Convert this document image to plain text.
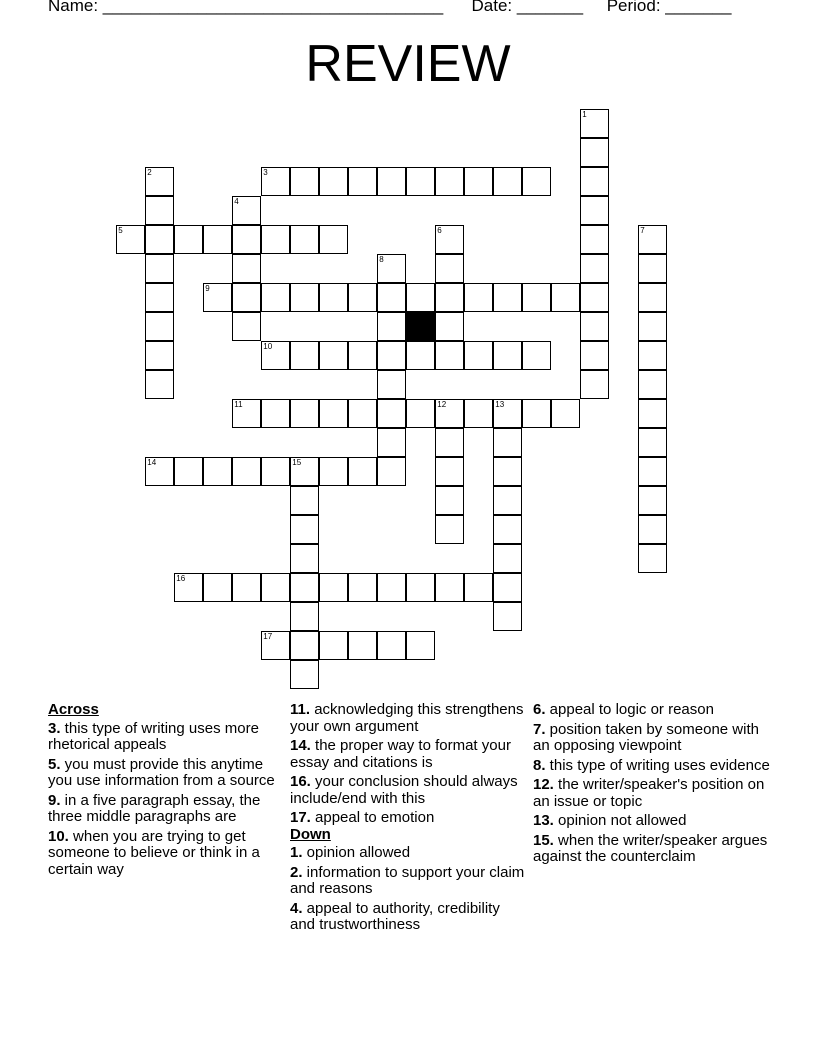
Name: ____________________________________ Date: _______ Period: _______
REVIEW
1
2	3
4
5	6	7
8
9
10
11	12	13
14	15
16
17
Across
3. this type of writing uses more rhetorical appeals
5. you must provide this anytime you use information from a source
9. in a five paragraph essay, the three middle paragraphs are
10. when you are trying to get someone to believe or think in a certain way
11. acknowledging this strengthens your own argument
14. the proper way to format your essay and citations is
16. your conclusion should always include/end with this
17. appeal to emotion
Down
1. opinion allowed
2. information to support your claim and reasons
4. appeal to authority, credibility and trustworthiness
6. appeal to logic or reason
7. position taken by someone with an opposing viewpoint
8. this type of writing uses evidence
12. the writer/speaker's position on an issue or topic
13. opinion not allowed
15. when the writer/speaker argues against the counterclaim
